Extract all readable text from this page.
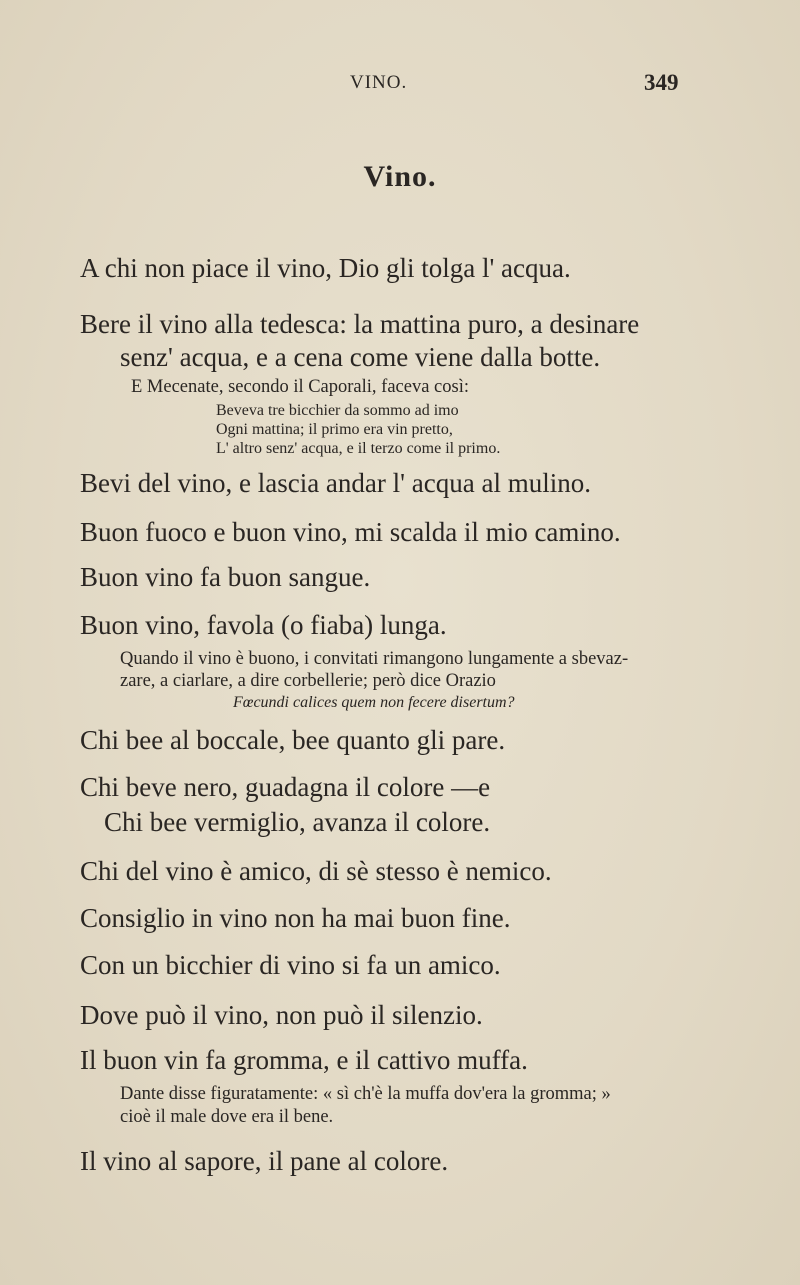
VINO.	349
Vino.
A chi non piace il vino, Dio gli tolga l' acqua.
Bere il vino alla tedesca: la mattina puro, a desinare
senz' acqua, e a cena come viene dalla botte.
E Mecenate, secondo il Caporali, faceva così:
Beveva tre bicchier da sommo ad imo
Ogni mattina; il primo era vin pretto,
L' altro senz' acqua, e il terzo come il primo.
Bevi del vino, e lascia andar l' acqua al mulino.
Buon fuoco e buon vino, mi scalda il mio camino.
Buon vino fa buon sangue.
Buon vino, favola (o fiaba) lunga.
Quando il vino è buono, i convitati rimangono lungamente a sbevaz-
zare, a ciarlare, a dire corbellerie; però dice Orazio
Fœcundi calices quem non fecere disertum?
Chi bee al boccale, bee quanto gli pare.
Chi beve nero, guadagna il colore —e
Chi bee vermiglio, avanza il colore.
Chi del vino è amico, di sè stesso è nemico.
Consiglio in vino non ha mai buon fine.
Con un bicchier di vino si fa un amico.
Dove può il vino, non può il silenzio.
Il buon vin fa gromma, e il cattivo muffa.
Dante disse figuratamente: « sì ch'è la muffa dov'era la gromma; »
cioè il male dove era il bene.
Il vino al sapore, il pane al colore.
